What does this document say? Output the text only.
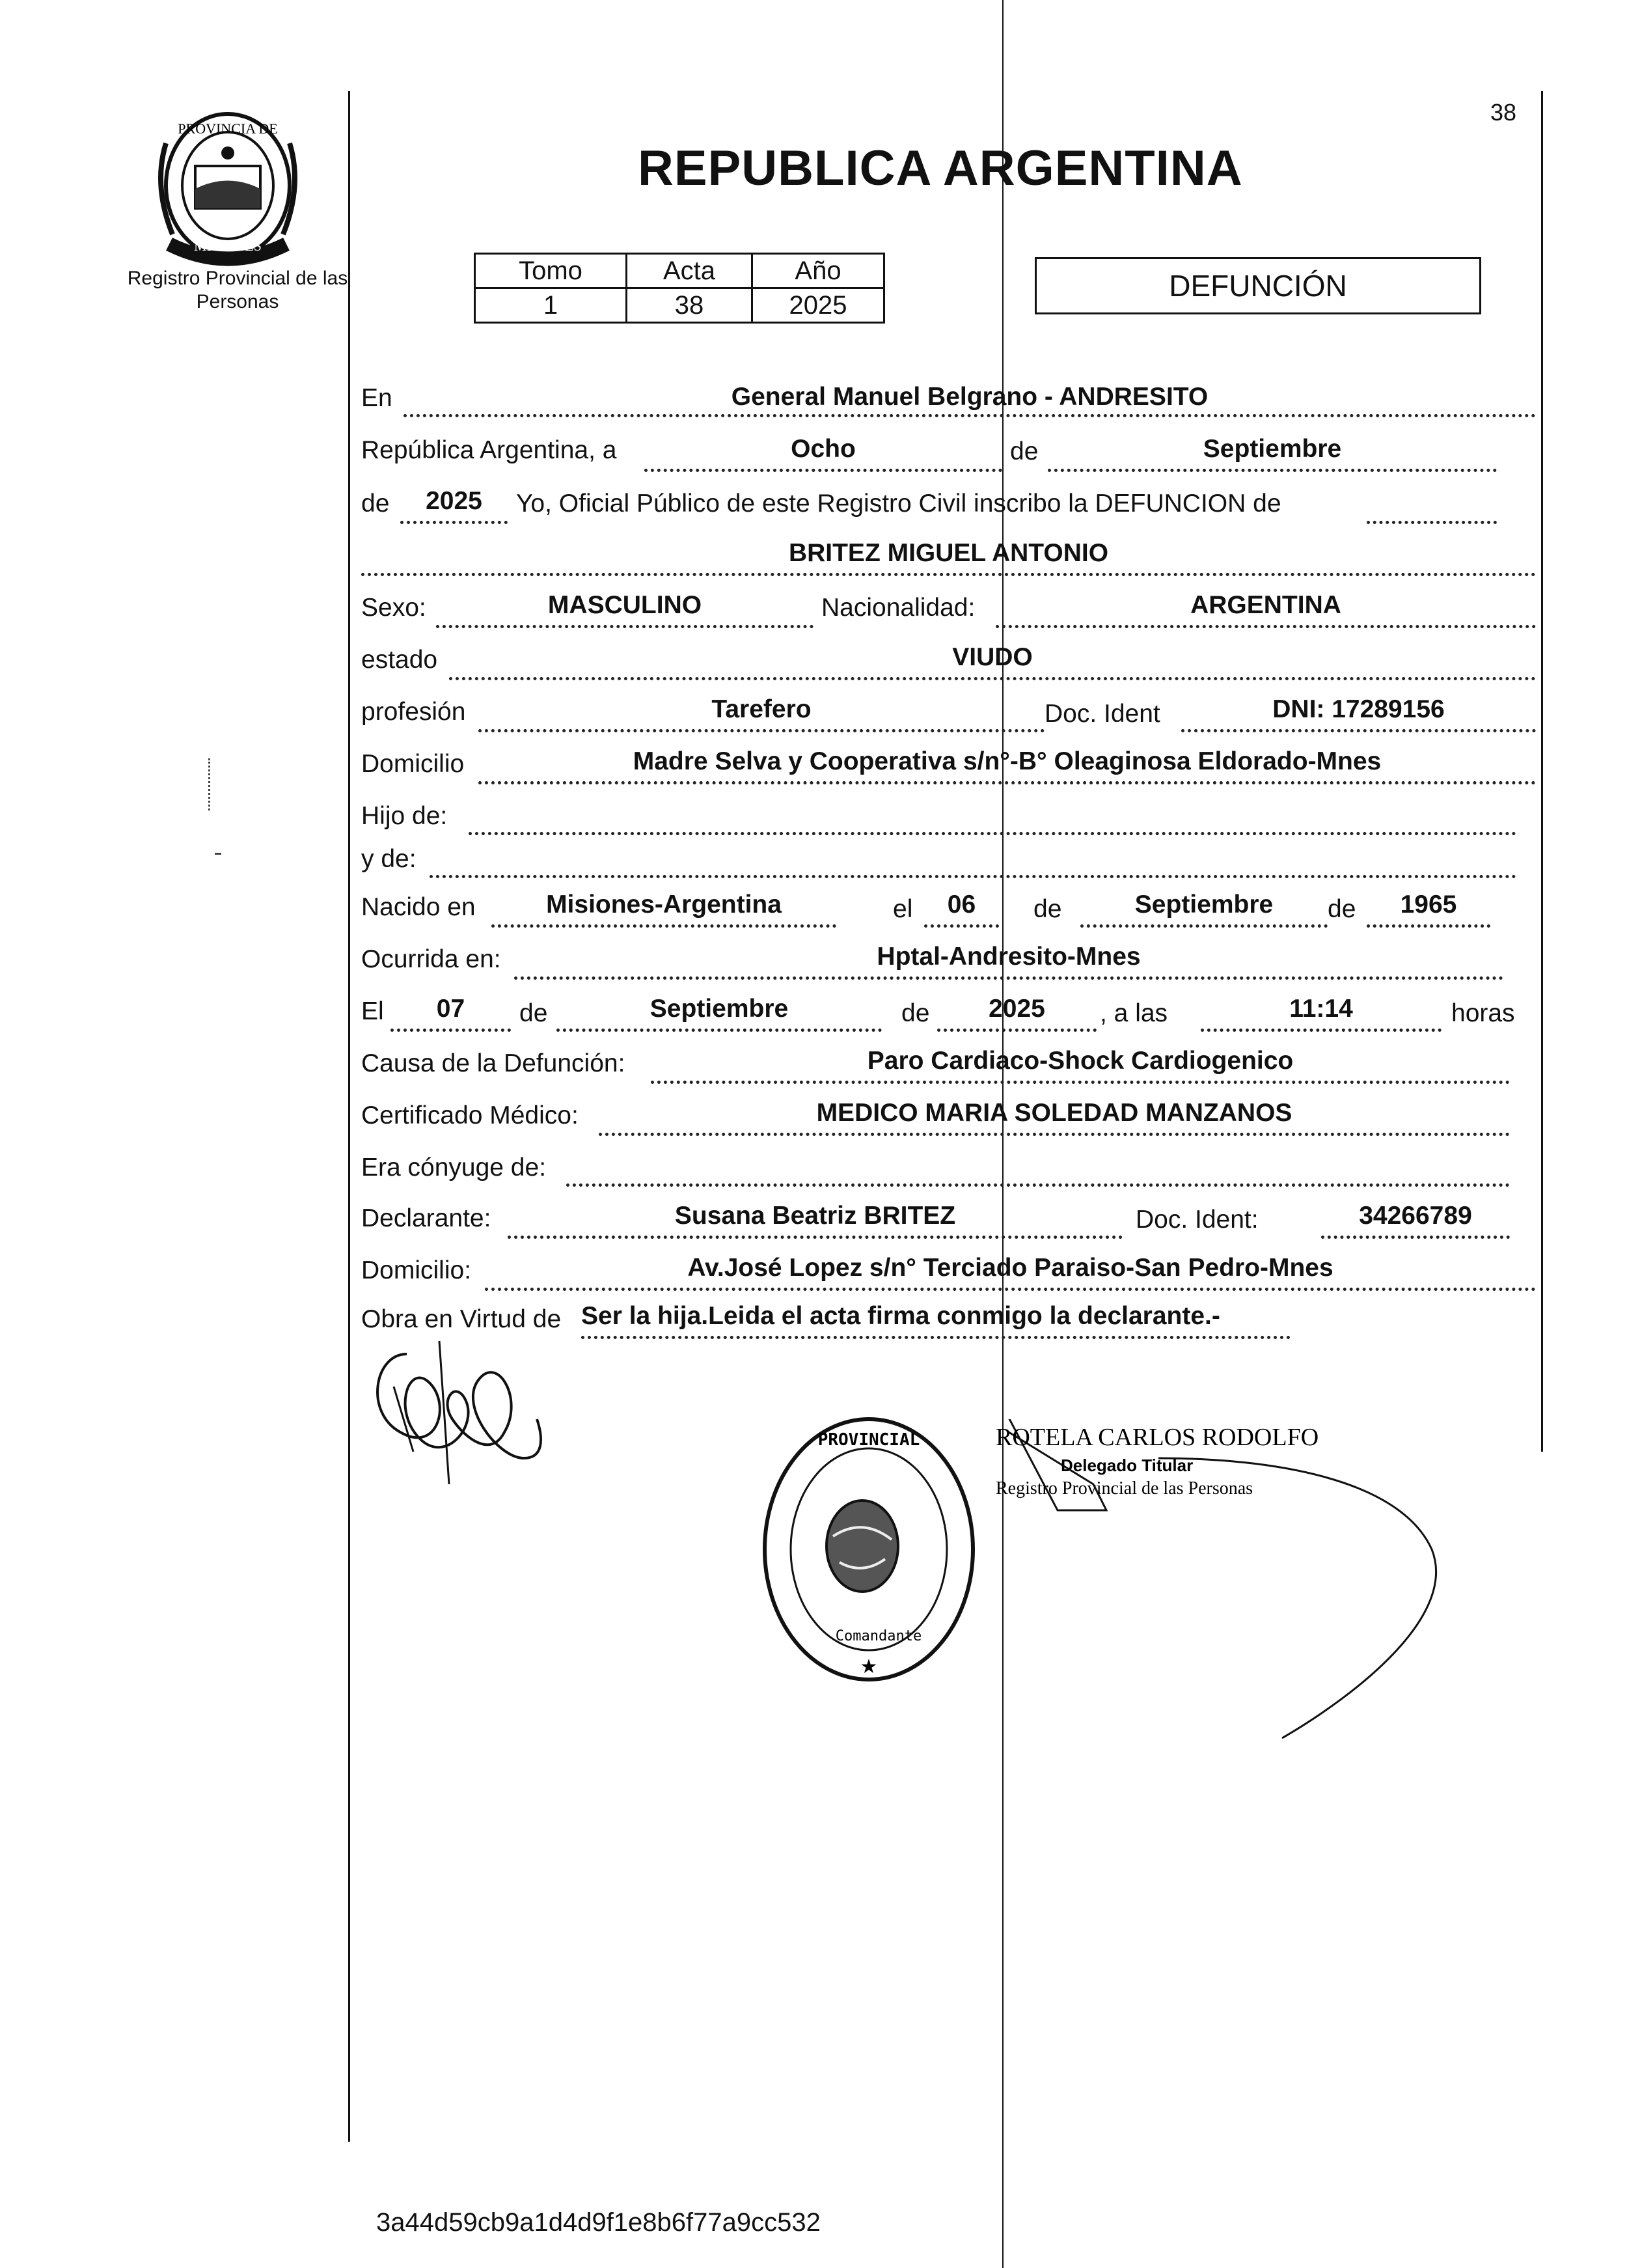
PROVINCIA DE
MISIONES
Registro Provincial de las Personas
38
REPUBLICA ARGENTINA
Tomo	Acta	Año
1	38	2025
DEFUNCIÓN
En	General Manuel Belgrano - ANDRESITO
República Argentina, a	Ocho	de	Septiembre
de	2025	Yo, Oficial Público de este Registro Civil inscribo la DEFUNCION de
BRITEZ MIGUEL ANTONIO
Sexo:	MASCULINO	Nacionalidad:	ARGENTINA
estado	VIUDO
profesión	Tarefero	Doc. Ident	DNI: 17289156
Domicilio	Madre Selva y Cooperativa s/n°-B° Oleaginosa Eldorado-Mnes
Hijo de:
y de:
Nacido en	Misiones-Argentina	el	06	de	Septiembre	de	1965
Ocurrida en:	Hptal-Andresito-Mnes
El	07	de	Septiembre	de	2025	, a las	11:14	horas
Causa de la Defunción:	Paro Cardiaco-Shock Cardiogenico
Certificado Médico:	MEDICO MARIA SOLEDAD MANZANOS
Era cónyuge de:
Declarante:	Susana Beatriz BRITEZ	Doc. Ident:	34266789
Domicilio:	Av.José Lopez s/n° Terciado Paraiso-San Pedro-Mnes
Obra en Virtud de Ser la hija.Leida el acta firma conmigo la declarante.-
PROVINCIAL
Comandante
★
ROTELA CARLOS RODOLFO
Delegado Titular
Registro Provincial de las Personas
3a44d59cb9a1d4d9f1e8b6f77a9cc532
